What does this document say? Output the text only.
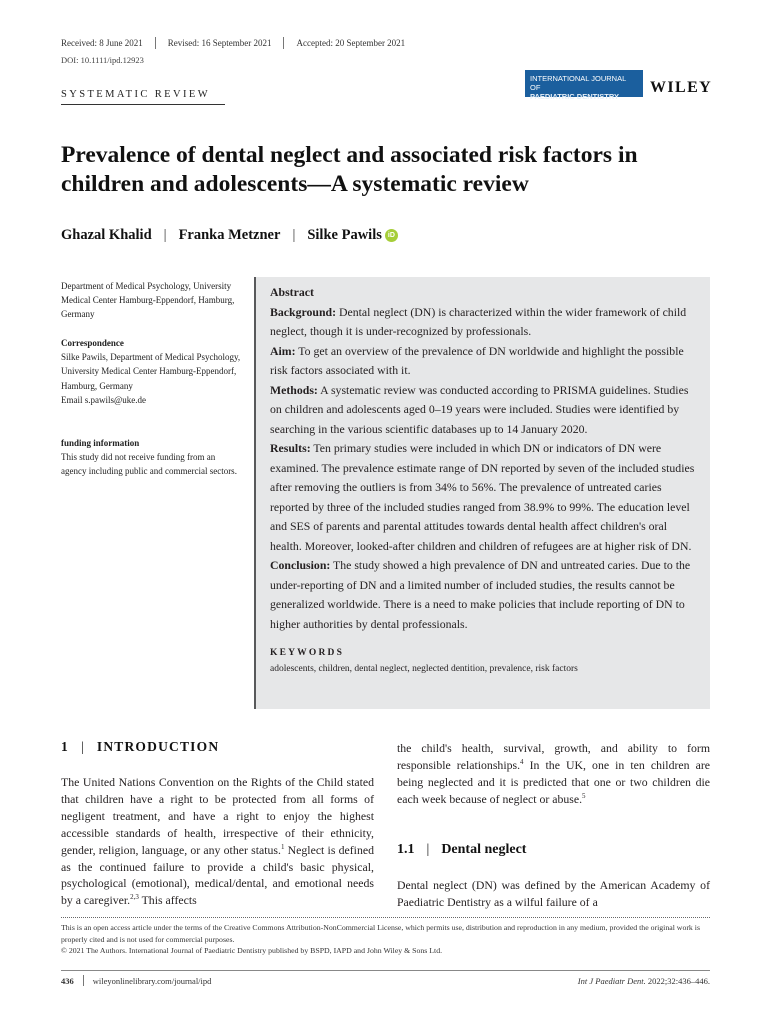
Received: 8 June 2021	Revised: 16 September 2021	Accepted: 20 September 2021
DOI: 10.1111/ipd.12923
SYSTEMATIC REVIEW
INTERNATIONAL JOURNAL OF
PAEDIATRIC DENTISTRY
WILEY
Prevalence of dental neglect and associated risk factors in children and adolescents—A systematic review
Ghazal Khalid | Franka Metzner | Silke Pawils iD
Department of Medical Psychology, University Medical Center Hamburg-Eppendorf, Hamburg, Germany
Correspondence
Silke Pawils, Department of Medical Psychology, University Medical Center Hamburg-Eppendorf, Hamburg, Germany
Email s.pawils@uke.de
funding information
This study did not receive funding from an agency including public and commercial sectors.

Abstract

Background: Dental neglect (DN) is characterized within the wider framework of child neglect, though it is under-recognized by professionals.

Aim: To get an overview of the prevalence of DN worldwide and highlight the possible risk factors associated with it.

Methods: A systematic review was conducted according to PRISMA guidelines. Studies on children and adolescents aged 0–19 years were included. Studies were identified by searching in the various scientific databases up to 14 January 2020.

Results: Ten primary studies were included in which DN or indicators of DN were examined. The prevalence estimate range of DN reported by seven of the included studies after removing the outliers is from 34% to 56%. The prevalence of untreated caries reported by three of the included studies ranged from 38.9% to 99%. The education level and SES of parents and parental attitudes towards dental health affect children's oral health. Moreover, looked-after children and children of refugees are at higher risk of DN.

Conclusion: The study showed a high prevalence of DN and untreated caries. Due to the under-reporting of DN and a limited number of included studies, the results cannot be generalized worldwide. There is a need to make policies that include reporting of DN to higher authorities by dental professionals.

KEYWORDS
adolescents, children, dental neglect, neglected dentition, prevalence, risk factors
1 | INTRODUCTION
The United Nations Convention on the Rights of the Child stated that children have a right to be protected from all forms of negligent treatment, and have a right to enjoy the highest accessible standards of health, irrespective of their ethnicity, gender, religion, language, or any other status.$^1$ Neglect is defined as the continued failure to provide a child's basic physical, psychological (emotional), medical/dental, and emotional needs by a caregiver.$^{2,3}$ This affects
the child's health, survival, growth, and ability to form responsible relationships.$^4$ In the UK, one in ten children are being neglected and it is predicted that one or two children die each week because of neglect or abuse.$^5$
1.1 | Dental neglect
Dental neglect (DN) was defined by the American Academy of Paediatric Dentistry as a wilful failure of a
This is an open access article under the terms of the Creative Commons Attribution-NonCommercial License, which permits use, distribution and reproduction in any medium, provided the original work is properly cited and is not used for commercial purposes.
© 2021 The Authors. International Journal of Paediatric Dentistry published by BSPD, IAPD and John Wiley & Sons Ltd.
436 wileyonlinelibrary.com/journal/ipd	Int J Paediatr Dent. 2022;32:436–446.
